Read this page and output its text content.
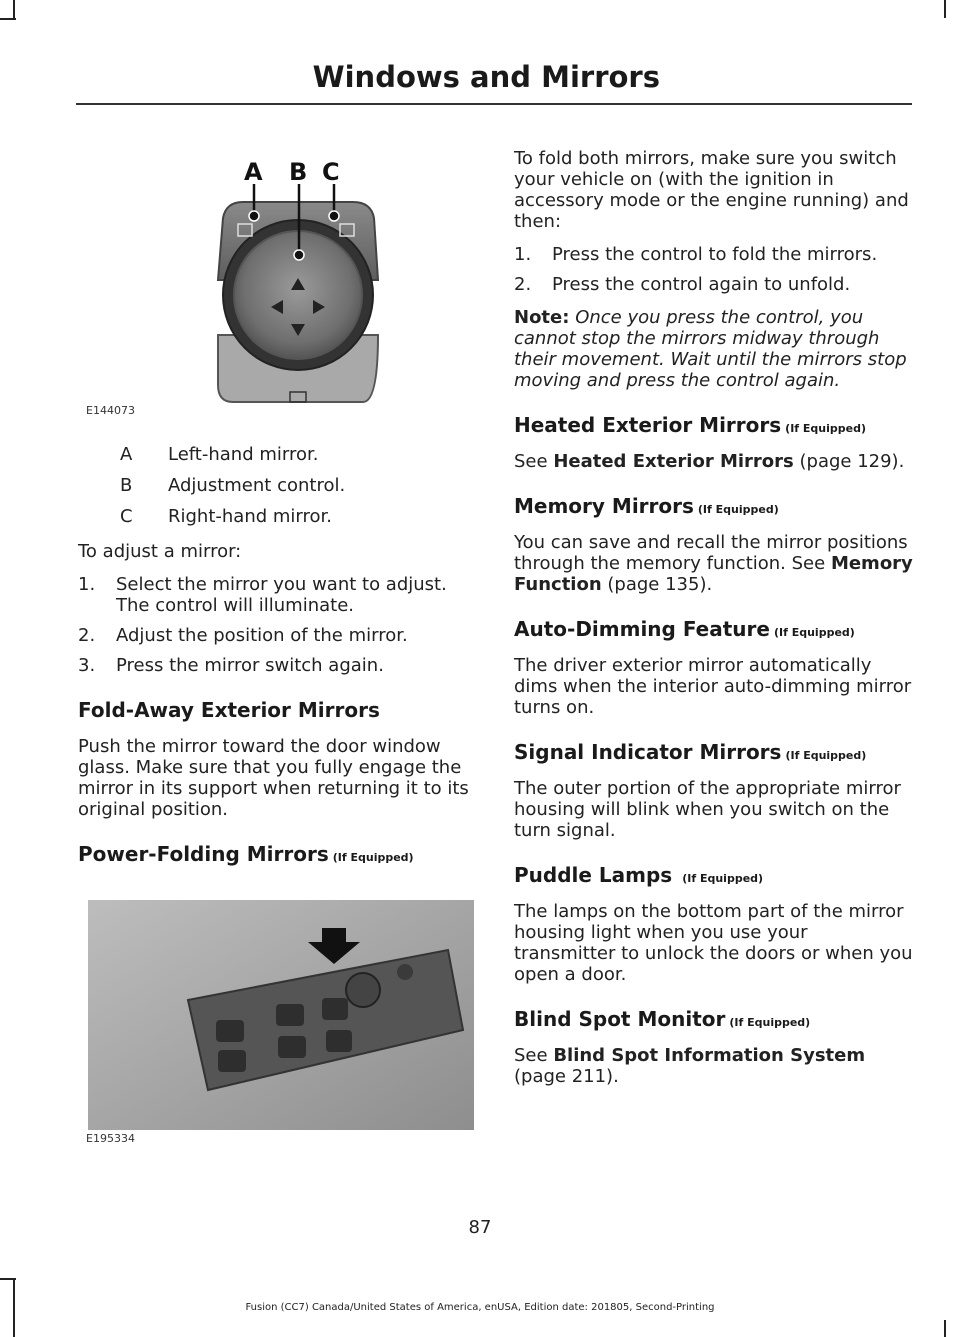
Windows and Mirrors
A B C
E144073
A	Left-hand mirror.
B	Adjustment control.
C	Right-hand mirror.

To adjust a mirror:

1.	Select the mirror you want to adjust. The control will illuminate.
2.	Adjust the position of the mirror.
3.	Press the mirror switch again.
Fold-Away Exterior Mirrors

Push the mirror toward the door window glass. Make sure that you fully engage the mirror in its support when returning it to its original position.

Power-Folding Mirrors (If Equipped)
E195334

To fold both mirrors, make sure you switch your vehicle on (with the ignition in accessory mode or the engine running) and then:

1.	Press the control to fold the mirrors.
2.	Press the control again to unfold.

Note: Once you press the control, you cannot stop the mirrors midway through their movement. Wait until the mirrors stop moving and press the control again.

Heated Exterior Mirrors (If Equipped)

See Heated Exterior Mirrors (page 129).

Memory Mirrors (If Equipped)

You can save and recall the mirror positions through the memory function. See Memory Function (page 135).

Auto-Dimming Feature (If Equipped)

The driver exterior mirror automatically dims when the interior auto-dimming mirror turns on.

Signal Indicator Mirrors (If Equipped)

The outer portion of the appropriate mirror housing will blink when you switch on the turn signal.

Puddle Lamps (If Equipped)

The lamps on the bottom part of the mirror housing light when you use your transmitter to unlock the doors or when you open a door.

Blind Spot Monitor (If Equipped)

See Blind Spot Information System (page 211).

87
Fusion (CC7) Canada/United States of America, enUSA, Edition date: 201805, Second-Printing
